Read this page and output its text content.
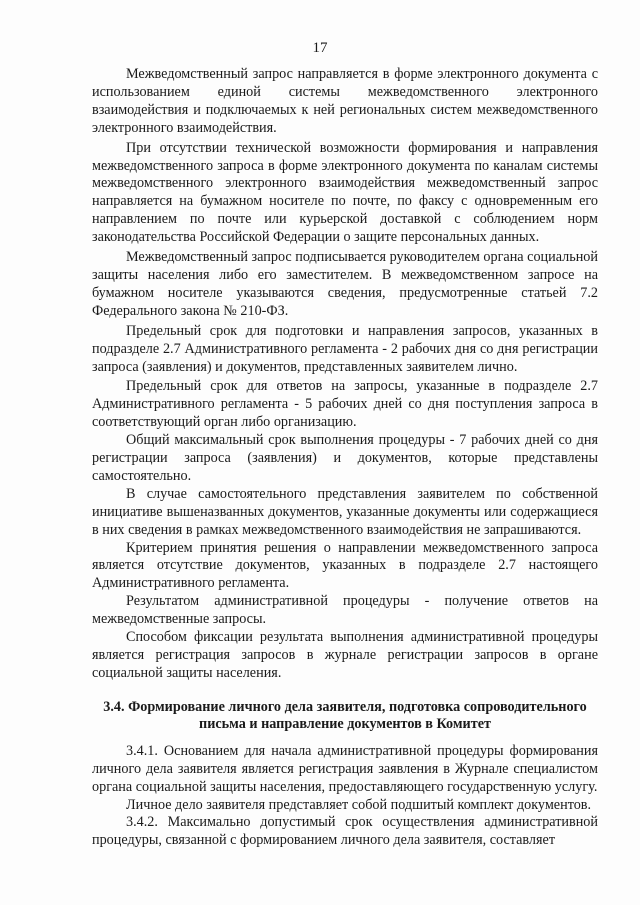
17

Межведомственный запрос направляется в форме электронного документа с использованием единой системы межведомственного электронного взаимодействия и подключаемых к ней региональных систем межведомственного электронного взаимодействия.

При отсутствии технической возможности формирования и направления межведомственного запроса в форме электронного документа по каналам системы межведомственного электронного взаимодействия межведомственный запрос направляется на бумажном носителе по почте, по факсу с одновременным его направлением по почте или курьерской доставкой с соблюдением норм законодательства Российской Федерации о защите персональных данных.

Межведомственный запрос подписывается руководителем органа социальной защиты населения либо его заместителем. В межведомственном запросе на бумажном носителе указываются сведения, предусмотренные статьей 7.2 Федерального закона № 210-ФЗ.

Предельный срок для подготовки и направления запросов, указанных в подразделе 2.7 Административного регламента - 2 рабочих дня со дня регистрации запроса (заявления) и документов, представленных заявителем лично.

Предельный срок для ответов на запросы, указанные в подразделе 2.7 Административного регламента - 5 рабочих дней со дня поступления запроса в соответствующий орган либо организацию.

Общий максимальный срок выполнения процедуры - 7 рабочих дней со дня регистрации запроса (заявления) и документов, которые представлены самостоятельно.

В случае самостоятельного представления заявителем по собственной инициативе вышеназванных документов, указанные документы или содержащиеся в них сведения в рамках межведомственного взаимодействия не запрашиваются.

Критерием принятия решения о направлении межведомственного запроса является отсутствие документов, указанных в подразделе 2.7 настоящего Административного регламента.

Результатом административной процедуры - получение ответов на межведомственные запросы.

Способом фиксации результата выполнения административной процедуры является регистрация запросов в журнале регистрации запросов в органе социальной защиты населения.

3.4. Формирование личного дела заявителя, подготовка сопроводительного письма и направление документов в Комитет

3.4.1. Основанием для начала административной процедуры формирования личного дела заявителя является регистрация заявления в Журнале специалистом органа социальной защиты населения, предоставляющего государственную услугу.

Личное дело заявителя представляет собой подшитый комплект документов.

3.4.2. Максимально допустимый срок осуществления административной процедуры, связанной с формированием личного дела заявителя, составляет
